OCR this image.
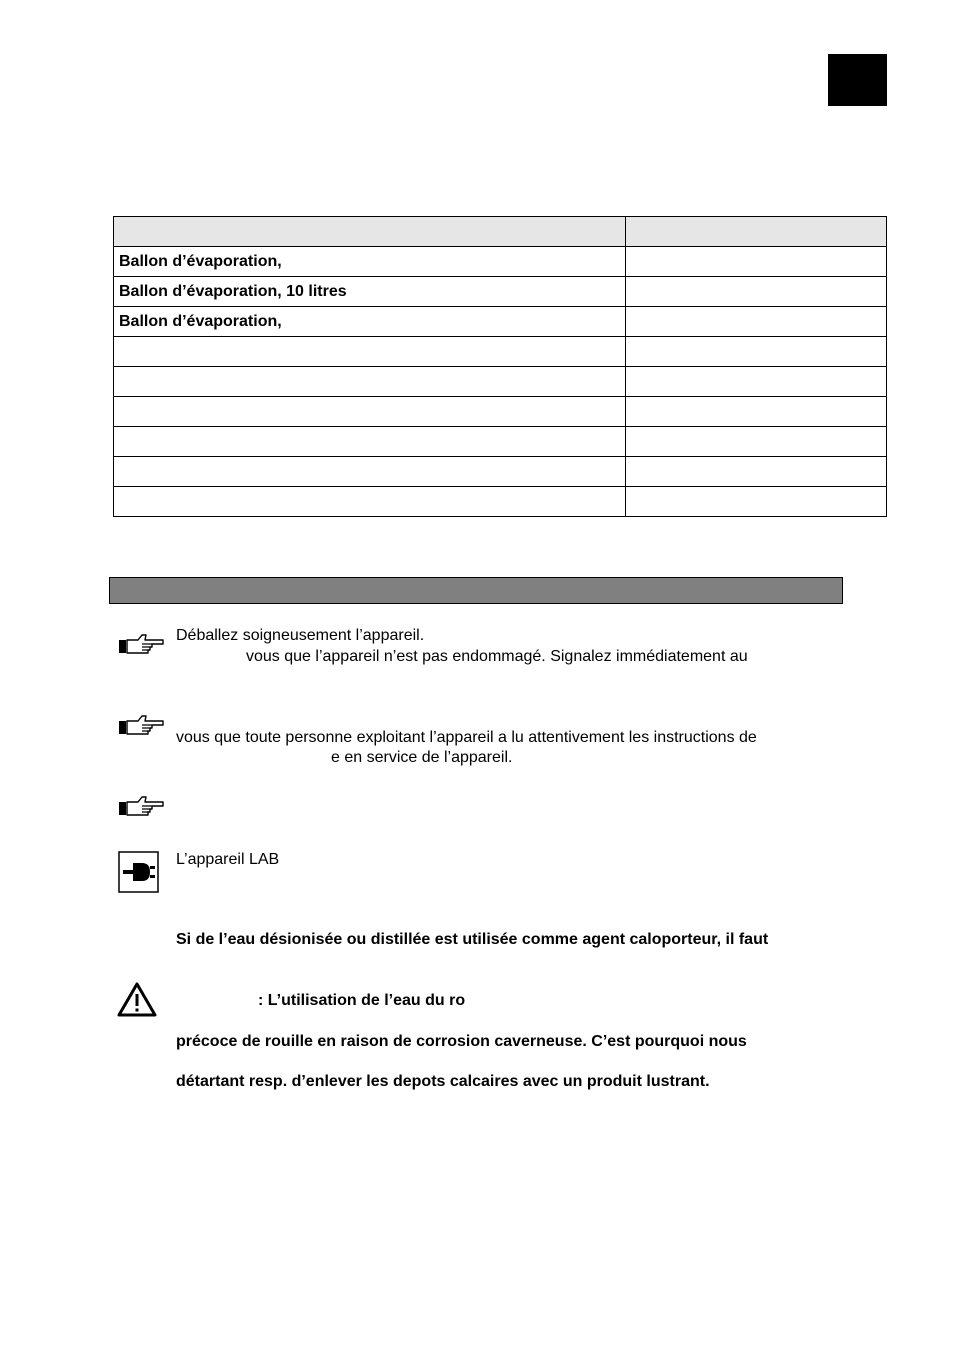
Ballon d’évaporation,	
Ballon d’évaporation, 10 litres	
Ballon d’évaporation,	

Déballez soigneusement l’appareil.
vous que l’appareil n’est pas endommagé. Signalez immédiatement au
vous que toute personne exploitant l’appareil a lu attentivement les instructions de
e en service de l’appareil.
L’appareil LAB
Si de l’eau désionisée ou distillée est utilisée comme agent caloporteur, il faut
: L’utilisation de l’eau du ro
précoce de rouille en raison de corrosion caverneuse. C’est pourquoi nous
détartant resp. d’enlever les depots calcaires avec un produit lustrant.
